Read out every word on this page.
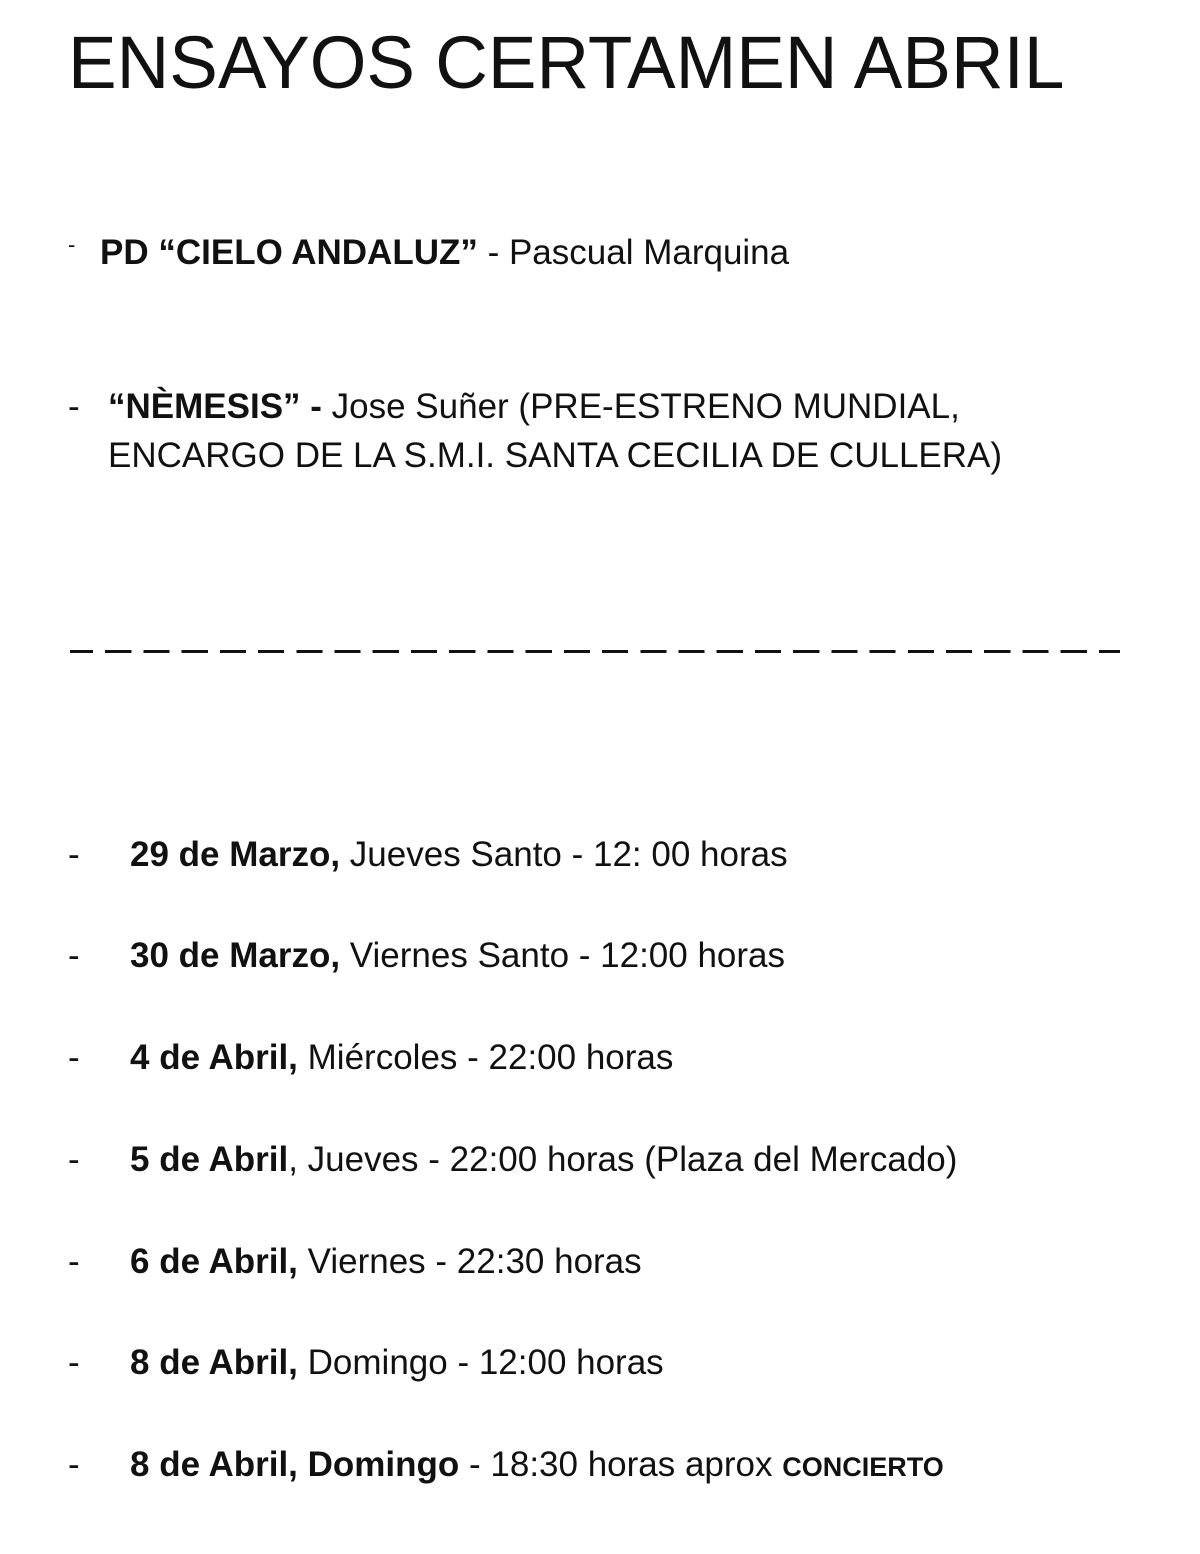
ENSAYOS CERTAMEN ABRIL
- PD “CIELO ANDALUZ” - Pascual Marquina
- “NÈMESIS” - Jose Suñer (PRE-ESTRENO MUNDIAL,
ENCARGO DE LA S.M.I. SANTA CECILIA DE CULLERA)
- 29 de Marzo, Jueves Santo - 12: 00 horas
- 30 de Marzo, Viernes Santo - 12:00 horas
- 4 de Abril, Miércoles - 22:00 horas
- 5 de Abril, Jueves - 22:00 horas (Plaza del Mercado)
- 6 de Abril, Viernes - 22:30 horas
- 8 de Abril, Domingo - 12:00 horas
- 8 de Abril, Domingo - 18:30 horas aprox CONCIERTO
